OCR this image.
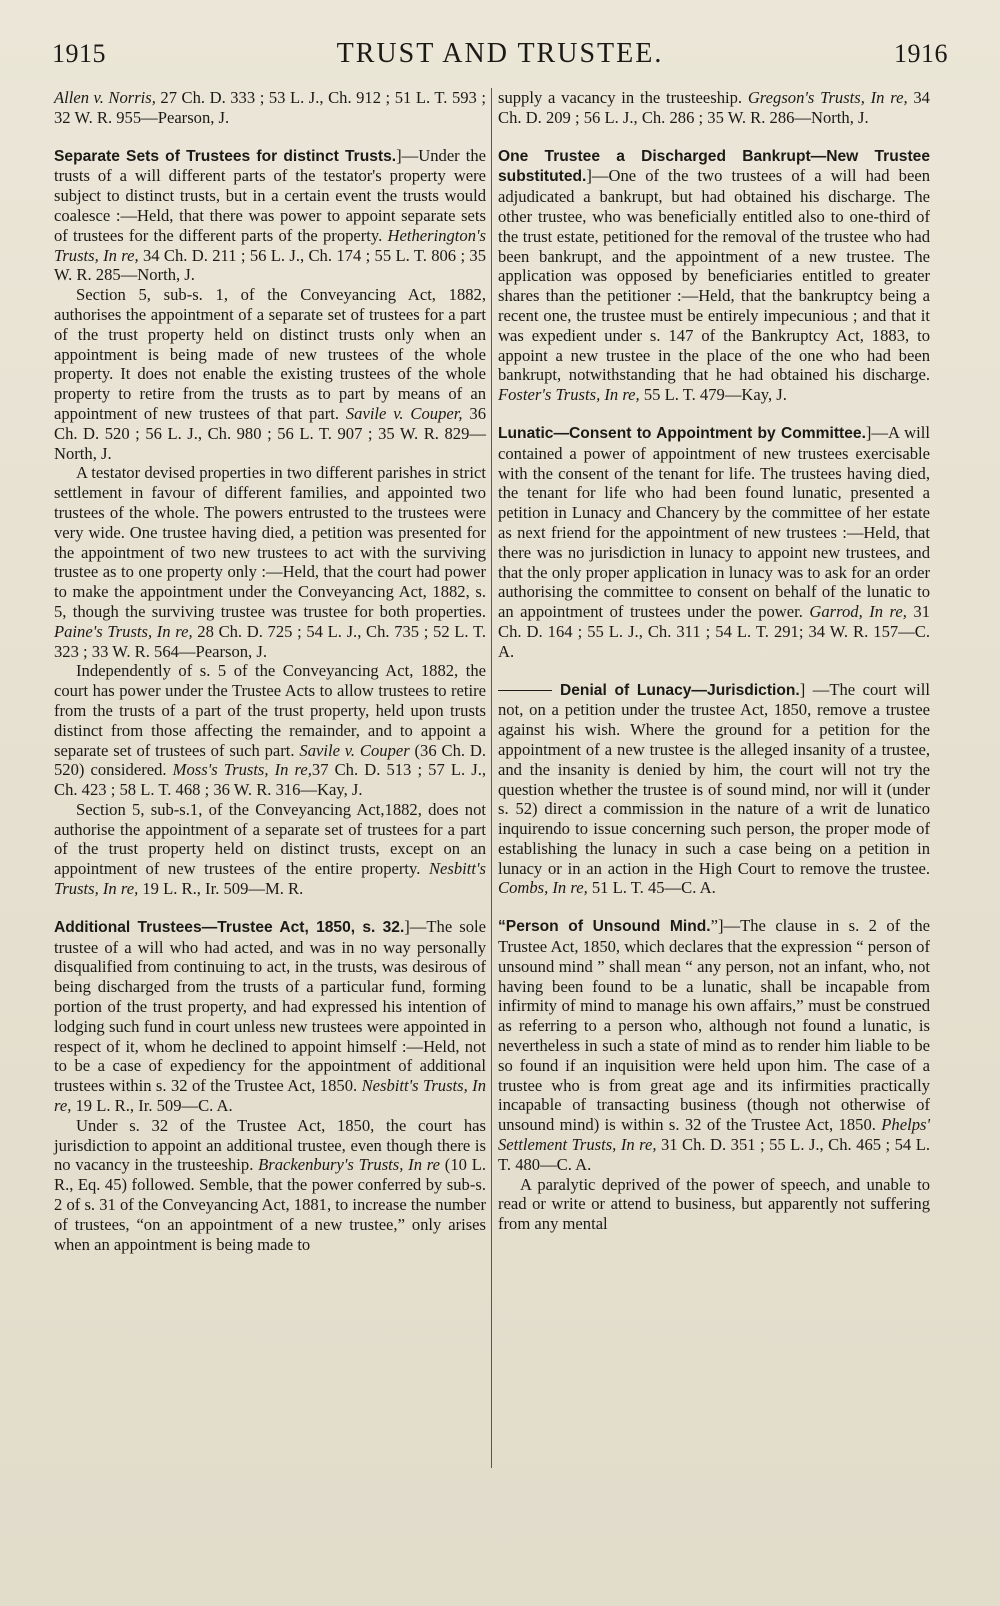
1915	TRUST AND TRUSTEE.	1916

Allen v. Norris, 27 Ch. D. 333 ; 53 L. J., Ch. 912 ; 51 L. T. 593 ; 32 W. R. 955—Pearson, J.

Separate Sets of Trustees for distinct Trusts.]—Under the trusts of a will different parts of the testator's property were subject to distinct trusts, but in a certain event the trusts would coalesce :—Held, that there was power to appoint separate sets of trustees for the different parts of the property. Hetherington's Trusts, In re, 34 Ch. D. 211 ; 56 L. J., Ch. 174 ; 55 L. T. 806 ; 35 W. R. 285—North, J.

Section 5, sub-s. 1, of the Conveyancing Act, 1882, authorises the appointment of a separate set of trustees for a part of the trust property held on distinct trusts only when an appointment is being made of new trustees of the whole property. It does not enable the existing trustees of the whole property to retire from the trusts as to part by means of an appointment of new trustees of that part. Savile v. Couper, 36 Ch. D. 520 ; 56 L. J., Ch. 980 ; 56 L. T. 907 ; 35 W. R. 829—North, J.

A testator devised properties in two different parishes in strict settlement in favour of different families, and appointed two trustees of the whole. The powers entrusted to the trustees were very wide. One trustee having died, a petition was presented for the appointment of two new trustees to act with the surviving trustee as to one property only :—Held, that the court had power to make the appointment under the Conveyancing Act, 1882, s. 5, though the surviving trustee was trustee for both properties. Paine's Trusts, In re, 28 Ch. D. 725 ; 54 L. J., Ch. 735 ; 52 L. T. 323 ; 33 W. R. 564—Pearson, J.

Independently of s. 5 of the Conveyancing Act, 1882, the court has power under the Trustee Acts to allow trustees to retire from the trusts of a part of the trust property, held upon trusts distinct from those affecting the remainder, and to appoint a separate set of trustees of such part. Savile v. Couper (36 Ch. D. 520) considered. Moss's Trusts, In re,37 Ch. D. 513 ; 57 L. J., Ch. 423 ; 58 L. T. 468 ; 36 W. R. 316—Kay, J.

Section 5, sub-s.1, of the Conveyancing Act,1882, does not authorise the appointment of a separate set of trustees for a part of the trust property held on distinct trusts, except on an appointment of new trustees of the entire property. Nesbitt's Trusts, In re, 19 L. R., Ir. 509—M. R.

Additional Trustees—Trustee Act, 1850, s. 32.]—The sole trustee of a will who had acted, and was in no way personally disqualified from continuing to act, in the trusts, was desirous of being discharged from the trusts of a particular fund, forming portion of the trust property, and had expressed his intention of lodging such fund in court unless new trustees were appointed in respect of it, whom he declined to appoint himself :—Held, not to be a case of expediency for the appointment of additional trustees within s. 32 of the Trustee Act, 1850. Nesbitt's Trusts, In re, 19 L. R., Ir. 509—C. A.

Under s. 32 of the Trustee Act, 1850, the court has jurisdiction to appoint an additional trustee, even though there is no vacancy in the trusteeship. Brackenbury's Trusts, In re (10 L. R., Eq. 45) followed. Semble, that the power conferred by sub-s. 2 of s. 31 of the Conveyancing Act, 1881, to increase the number of trustees, “on an appointment of a new trustee,” only arises when an appointment is being made to

supply a vacancy in the trusteeship. Gregson's Trusts, In re, 34 Ch. D. 209 ; 56 L. J., Ch. 286 ; 35 W. R. 286—North, J.

One Trustee a Discharged Bankrupt—New Trustee substituted.]—One of the two trustees of a will had been adjudicated a bankrupt, but had obtained his discharge. The other trustee, who was beneficially entitled also to one-third of the trust estate, petitioned for the removal of the trustee who had been bankrupt, and the appointment of a new trustee. The application was opposed by beneficiaries entitled to greater shares than the petitioner :—Held, that the bankruptcy being a recent one, the trustee must be entirely impecunious ; and that it was expedient under s. 147 of the Bankruptcy Act, 1883, to appoint a new trustee in the place of the one who had been bankrupt, notwithstanding that he had obtained his discharge. Foster's Trusts, In re, 55 L. T. 479—Kay, J.

Lunatic—Consent to Appointment by Committee.]—A will contained a power of appointment of new trustees exercisable with the consent of the tenant for life. The trustees having died, the tenant for life who had been found lunatic, presented a petition in Lunacy and Chancery by the committee of her estate as next friend for the appointment of new trustees :—Held, that there was no jurisdiction in lunacy to appoint new trustees, and that the only proper application in lunacy was to ask for an order authorising the committee to consent on behalf of the lunatic to an appointment of trustees under the power. Garrod, In re, 31 Ch. D. 164 ; 55 L. J., Ch. 311 ; 54 L. T. 291; 34 W. R. 157—C. A.

Denial of Lunacy—Jurisdiction.] —The court will not, on a petition under the trustee Act, 1850, remove a trustee against his wish. Where the ground for a petition for the appointment of a new trustee is the alleged insanity of a trustee, and the insanity is denied by him, the court will not try the question whether the trustee is of sound mind, nor will it (under s. 52) direct a commission in the nature of a writ de lunatico inquirendo to issue concerning such person, the proper mode of establishing the lunacy in such a case being on a petition in lunacy or in an action in the High Court to remove the trustee. Combs, In re, 51 L. T. 45—C. A.

“Person of Unsound Mind.”]—The clause in s. 2 of the Trustee Act, 1850, which declares that the expression “ person of unsound mind ” shall mean “ any person, not an infant, who, not having been found to be a lunatic, shall be incapable from infirmity of mind to manage his own affairs,” must be construed as referring to a person who, although not found a lunatic, is nevertheless in such a state of mind as to render him liable to be so found if an inquisition were held upon him. The case of a trustee who is from great age and its infirmities practically incapable of transacting business (though not otherwise of unsound mind) is within s. 32 of the Trustee Act, 1850. Phelps' Settlement Trusts, In re, 31 Ch. D. 351 ; 55 L. J., Ch. 465 ; 54 L. T. 480—C. A.

A paralytic deprived of the power of speech, and unable to read or write or attend to business, but apparently not suffering from any mental
